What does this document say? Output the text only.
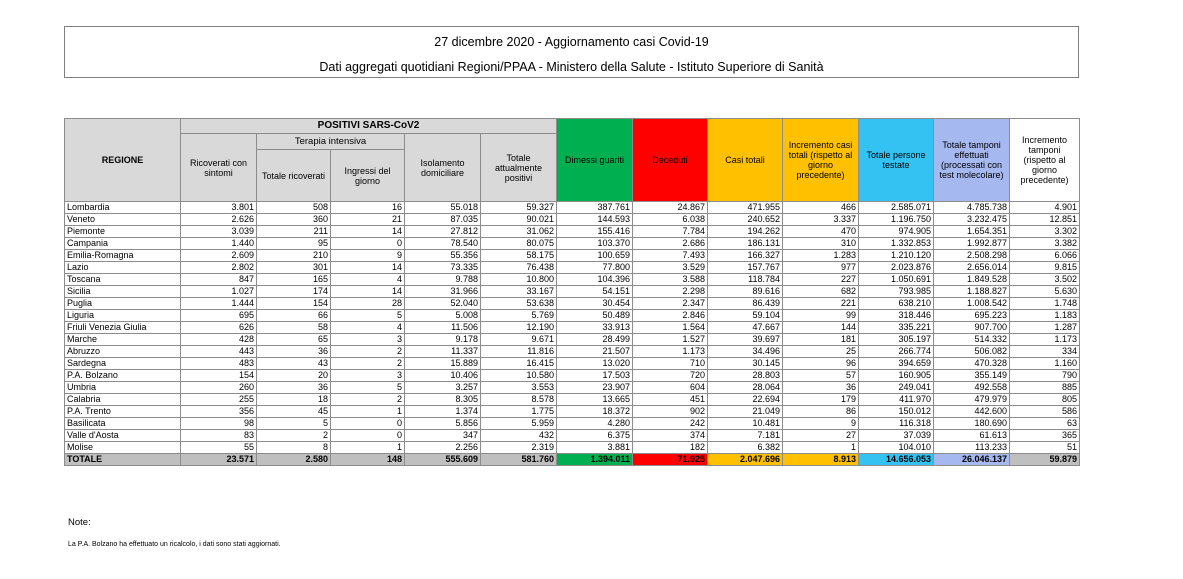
27 dicembre 2020 - Aggiornamento casi Covid-19
Dati aggregati quotidiani Regioni/PPAA - Ministero della Salute - Istituto Superiore di Sanità
REGIONE	POSITIVI SARS-CoV2					Dimessi guariti	Deceduti	Casi totali	Incremento casi totali (rispetto al giorno precedente)	Totale persone testate	Totale tamponi effettuati (processati con test molecolare)	Incremento tamponi (rispetto al giorno precedente)
	Ricoverati con sintomi	Terapia intensiva		Isolamento domiciliare	Totale attualmente positivi							
		Totale ricoverati	Ingressi del giorno									
Lombardia	3.801	508	16	55.018	59.327	387.761	24.867	471.955	466	2.585.071	4.785.738	4.901
Veneto	2.626	360	21	87.035	90.021	144.593	6.038	240.652	3.337	1.196.750	3.232.475	12.851
Piemonte	3.039	211	14	27.812	31.062	155.416	7.784	194.262	470	974.905	1.654.351	3.302
Campania	1.440	95	0	78.540	80.075	103.370	2.686	186.131	310	1.332.853	1.992.877	3.382
Emilia-Romagna	2.609	210	9	55.356	58.175	100.659	7.493	166.327	1.283	1.210.120	2.508.298	6.066
Lazio	2.802	301	14	73.335	76.438	77.800	3.529	157.767	977	2.023.876	2.656.014	9.815
Toscana	847	165	4	9.788	10.800	104.396	3.588	118.784	227	1.050.691	1.849.528	3.502
Sicilia	1.027	174	14	31.966	33.167	54.151	2.298	89.616	682	793.985	1.188.827	5.630
Puglia	1.444	154	28	52.040	53.638	30.454	2.347	86.439	221	638.210	1.008.542	1.748
Liguria	695	66	5	5.008	5.769	50.489	2.846	59.104	99	318.446	695.223	1.183
Friuli Venezia Giulia	626	58	4	11.506	12.190	33.913	1.564	47.667	144	335.221	907.700	1.287
Marche	428	65	3	9.178	9.671	28.499	1.527	39.697	181	305.197	514.332	1.173
Abruzzo	443	36	2	11.337	11.816	21.507	1.173	34.496	25	266.774	506.082	334
Sardegna	483	43	2	15.889	16.415	13.020	710	30.145	96	394.659	470.328	1.160
P.A. Bolzano	154	20	3	10.406	10.580	17.503	720	28.803	57	160.905	355.149	790
Umbria	260	36	5	3.257	3.553	23.907	604	28.064	36	249.041	492.558	885
Calabria	255	18	2	8.305	8.578	13.665	451	22.694	179	411.970	479.979	805
P.A. Trento	356	45	1	1.374	1.775	18.372	902	21.049	86	150.012	442.600	586
Basilicata	98	5	0	5.856	5.959	4.280	242	10.481	9	116.318	180.690	63
Valle d'Aosta	83	2	0	347	432	6.375	374	7.181	27	37.039	61.613	365
Molise	55	8	1	2.256	2.319	3.881	182	6.382	1	104.010	113.233	51
TOTALE	23.571	2.580	148	555.609	581.760	1.394.011	71.925	2.047.696	8.913	14.656.053	26.046.137	59.879
Note:
La P.A. Bolzano ha effettuato un ricalcolo, i dati sono stati aggiornati.
